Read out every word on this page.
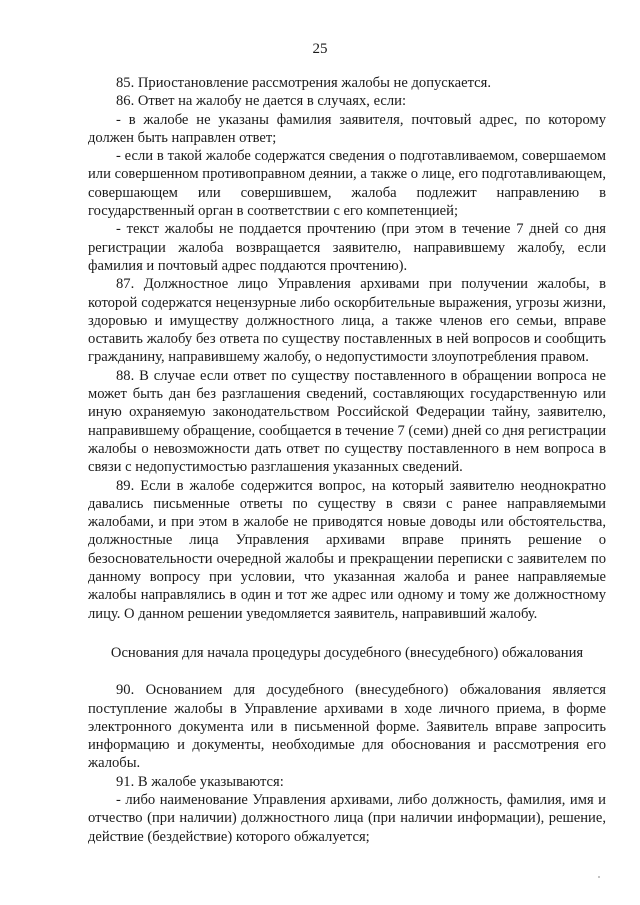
25

85. Приостановление рассмотрения жалобы не допускается.

86. Ответ на жалобу не дается в случаях, если:

- в жалобе не указаны фамилия заявителя, почтовый адрес, по которому должен быть направлен ответ;

- если в такой жалобе содержатся сведения о подготавливаемом, совершаемом или совершенном противоправном деянии, а также о лице, его подготавливающем, совершающем или совершившем, жалоба подлежит направлению в государственный орган в соответствии с его компетенцией;

- текст жалобы не поддается прочтению (при этом в течение 7 дней со дня регистрации жалоба возвращается заявителю, направившему жалобу, если фамилия и почтовый адрес поддаются прочтению).

87. Должностное лицо Управления архивами при получении жалобы, в которой содержатся нецензурные либо оскорбительные выражения, угрозы жизни, здоровью и имуществу должностного лица, а также членов его семьи, вправе оставить жалобу без ответа по существу поставленных в ней вопросов и сообщить гражданину, направившему жалобу, о недопустимости злоупотребления правом.

88. В случае если ответ по существу поставленного в обращении вопроса не может быть дан без разглашения сведений, составляющих государственную или иную охраняемую законодательством Российской Федерации тайну, заявителю, направившему обращение, сообщается в течение 7 (семи) дней со дня регистрации жалобы о невозможности дать ответ по существу поставленного в нем вопроса в связи с недопустимостью разглашения указанных сведений.

89. Если в жалобе содержится вопрос, на который заявителю неоднократно давались письменные ответы по существу в связи с ранее направляемыми жалобами, и при этом в жалобе не приводятся новые доводы или обстоятельства, должностные лица Управления архивами вправе принять решение о безосновательности очередной жалобы и прекращении переписки с заявителем по данному вопросу при условии, что указанная жалоба и ранее направляемые жалобы направлялись в один и тот же адрес или одному и тому же должностному лицу. О данном решении уведомляется заявитель, направивший жалобу.

Основания для начала процедуры досудебного (внесудебного) обжалования

90. Основанием для досудебного (внесудебного) обжалования является поступление жалобы в Управление архивами в ходе личного приема, в форме электронного документа или в письменной форме. Заявитель вправе запросить информацию и документы, необходимые для обоснования и рассмотрения его жалобы.

91. В жалобе указываются:

- либо наименование Управления архивами, либо должность, фамилия, имя и отчество (при наличии) должностного лица (при наличии информации), решение, действие (бездействие) которого обжалуется;
